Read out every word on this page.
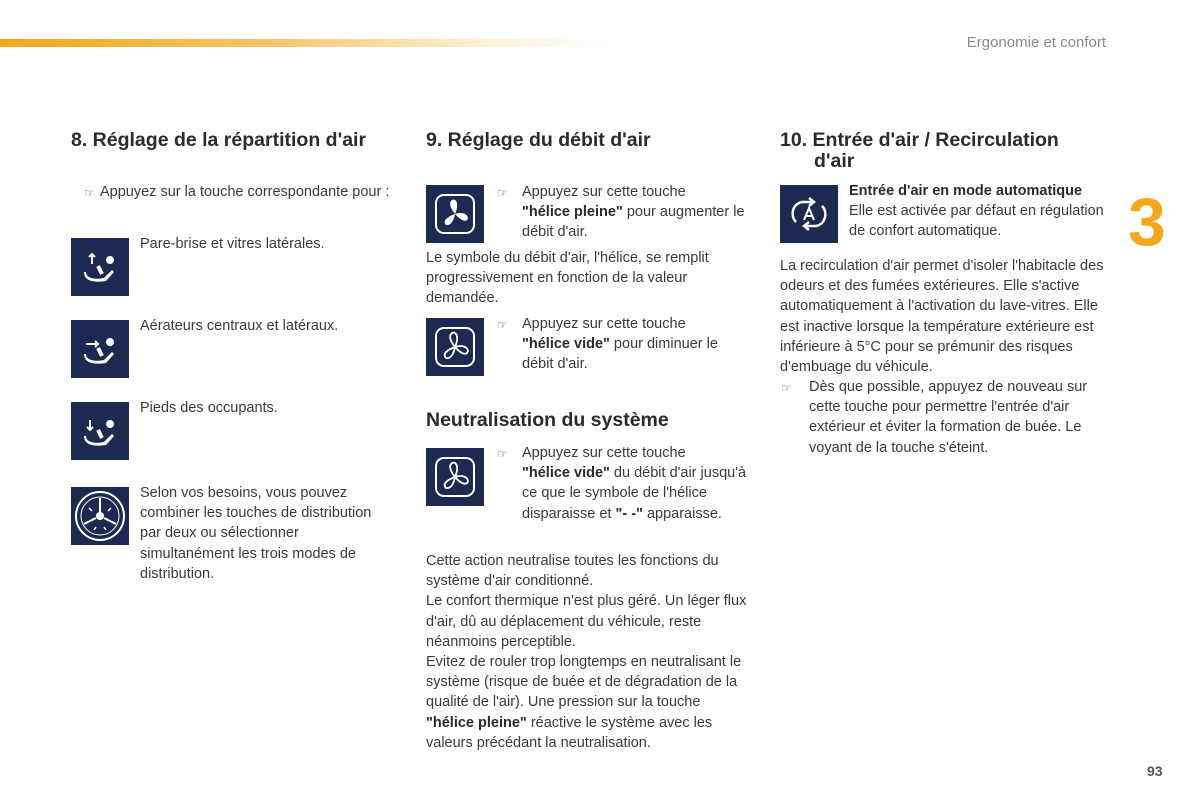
Ergonomie et confort
3
93
8. Réglage de la répartition d'air
☞ Appuyez sur la touche correspondante pour :
Pare-brise et vitres latérales.
Aérateurs centraux et latéraux.
Pieds des occupants.
Selon vos besoins, vous pouvez combiner les touches de distribution par deux ou sélectionner simultanément les trois modes de distribution.
9. Réglage du débit d'air
☞ Appuyez sur cette touche
"hélice pleine" pour augmenter le débit d'air.
Le symbole du débit d'air, l'hélice, se remplit progressivement en fonction de la valeur demandée.
☞ Appuyez sur cette touche
"hélice vide" pour diminuer le débit d'air.
Neutralisation du système
☞ Appuyez sur cette touche
"hélice vide" du débit d'air jusqu'à ce que le symbole de l'hélice disparaisse et "- -" apparaisse.
Cette action neutralise toutes les fonctions du système d'air conditionné.
Le confort thermique n'est plus géré. Un léger flux d'air, dû au déplacement du véhicule, reste néanmoins perceptible.
Evitez de rouler trop longtemps en neutralisant le système (risque de buée et de dégradation de la qualité de l'air). Une pression sur la touche "hélice pleine" réactive le système avec les valeurs précédant la neutralisation.
10. Entrée d'air / Recirculation
d'air
Entrée d'air en mode automatique
Elle est activée par défaut en régulation de confort automatique.
La recirculation d'air permet d'isoler l'habitacle des odeurs et des fumées extérieures. Elle s'active automatiquement à l'activation du lave-vitres. Elle est inactive lorsque la température extérieure est inférieure à 5°C pour se prémunir des risques d'embuage du véhicule.
☞ Dès que possible, appuyez de nouveau sur cette touche pour permettre l'entrée d'air extérieur et éviter la formation de buée. Le voyant de la touche s'éteint.
